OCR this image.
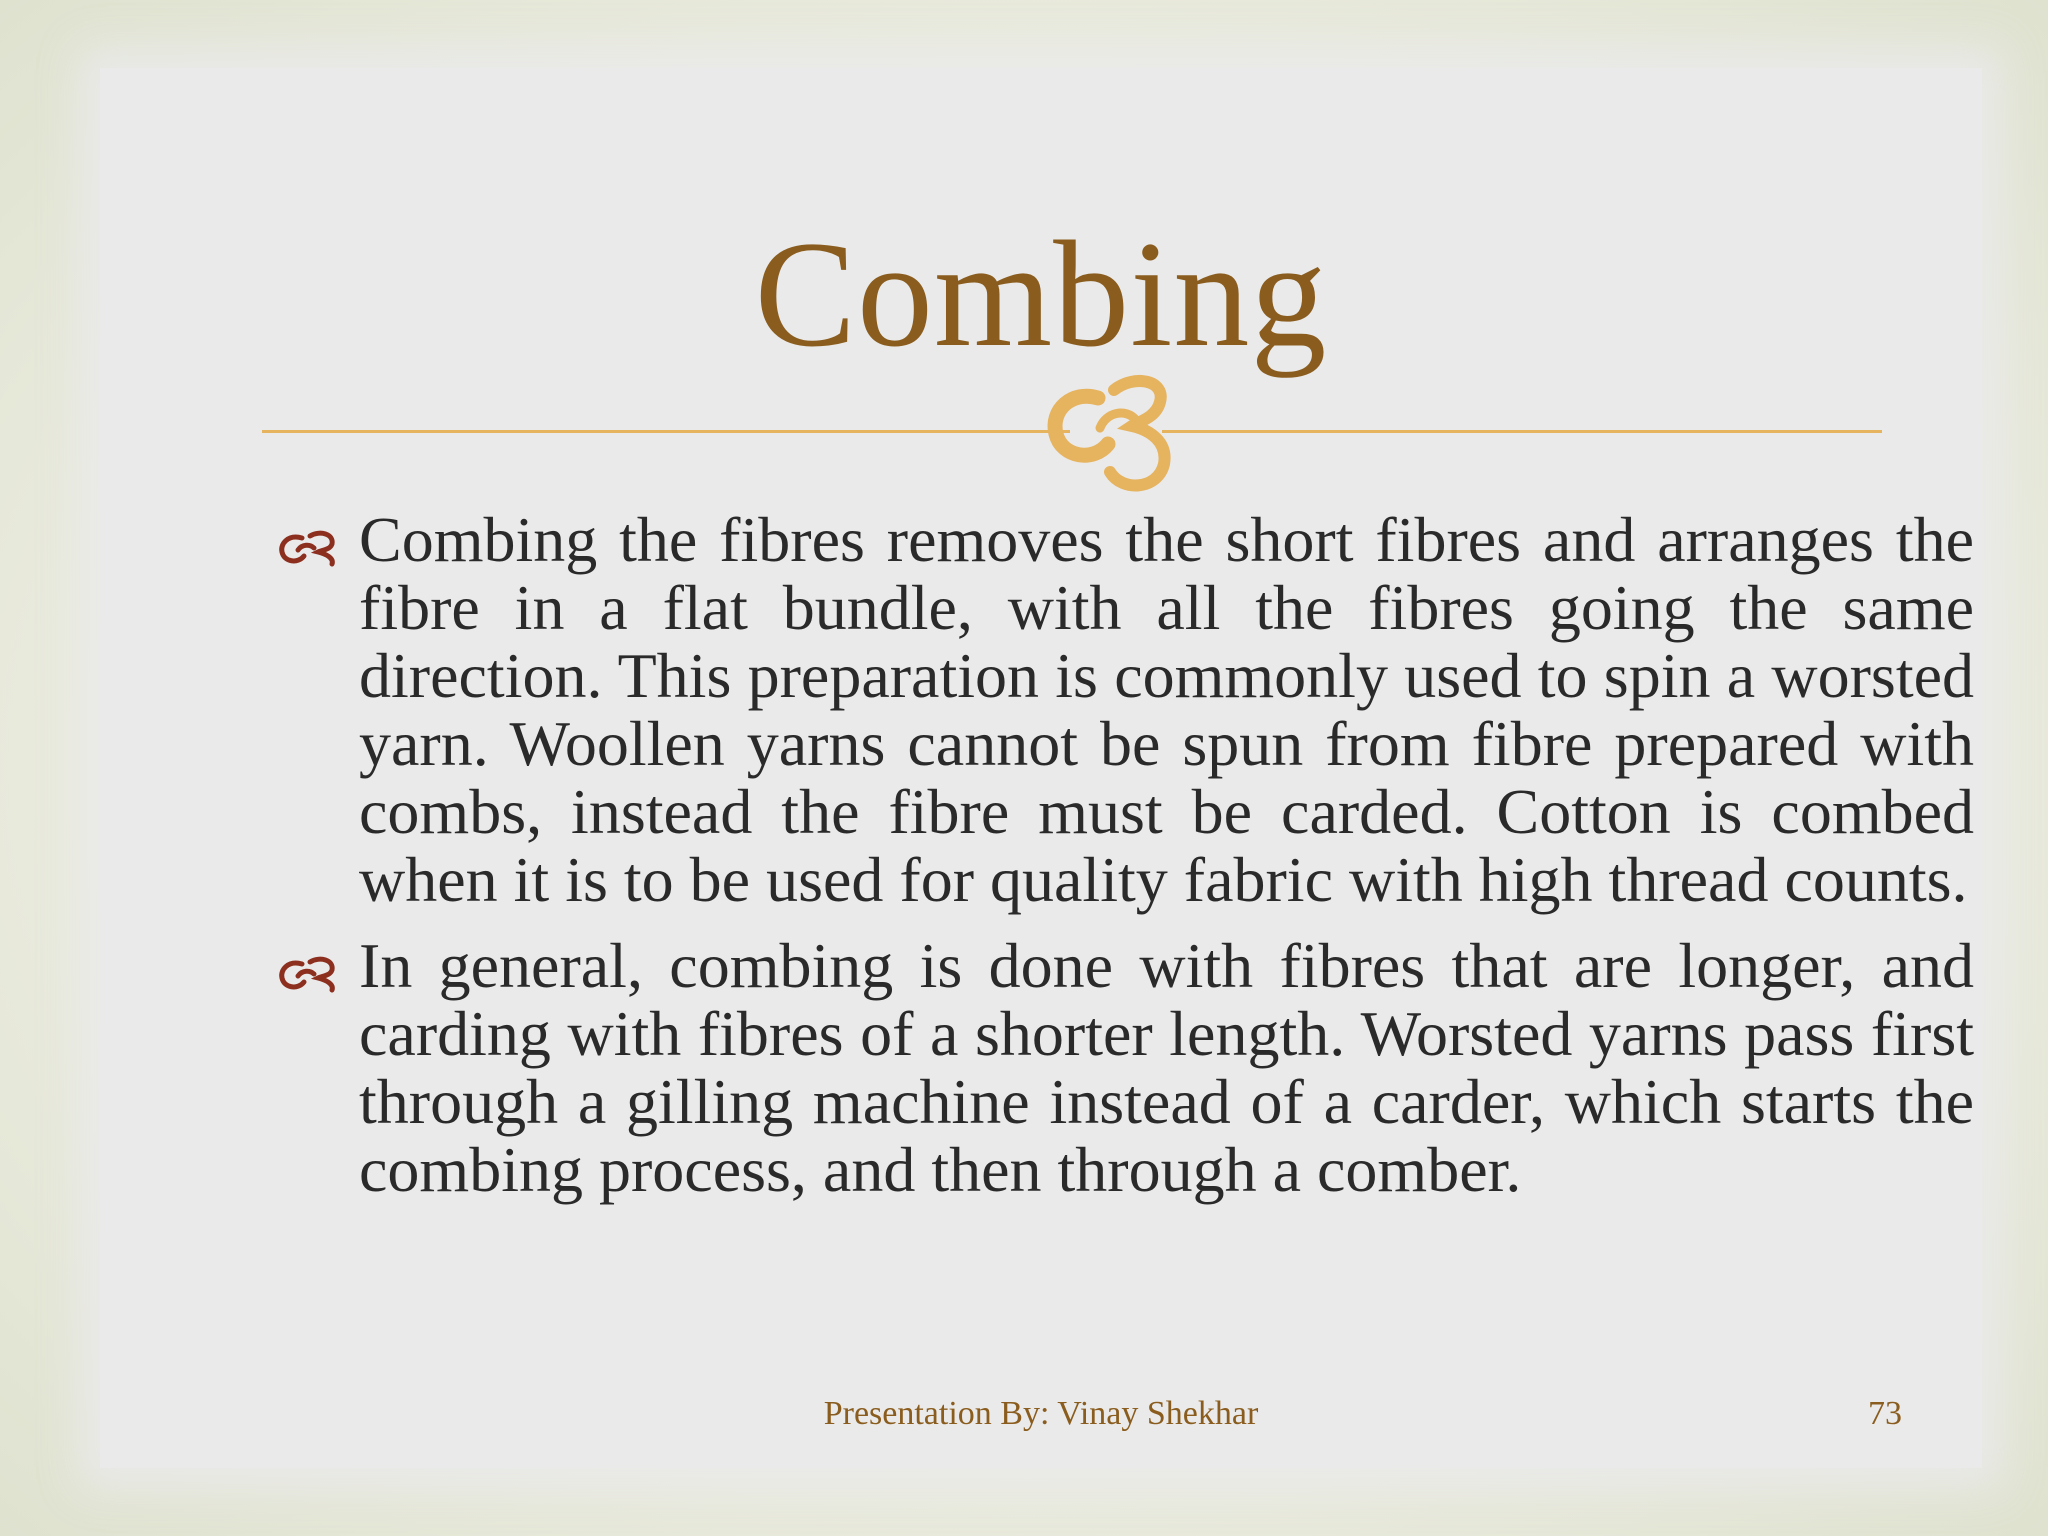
Combing
Combing the fibres removes the short fibres and arranges the fibre in a flat bundle, with all the fibres going the same direction. This preparation is commonly used to spin a worsted yarn. Woollen yarns cannot be spun from fibre prepared with combs, instead the fibre must be carded. Cotton is combed when it is to be used for quality fabric with high thread counts.
In general, combing is done with fibres that are longer, and carding with fibres of a shorter length. Worsted yarns pass first through a gilling machine instead of a carder, which starts the combing process, and then through a comber.
Presentation By: Vinay Shekhar	73
